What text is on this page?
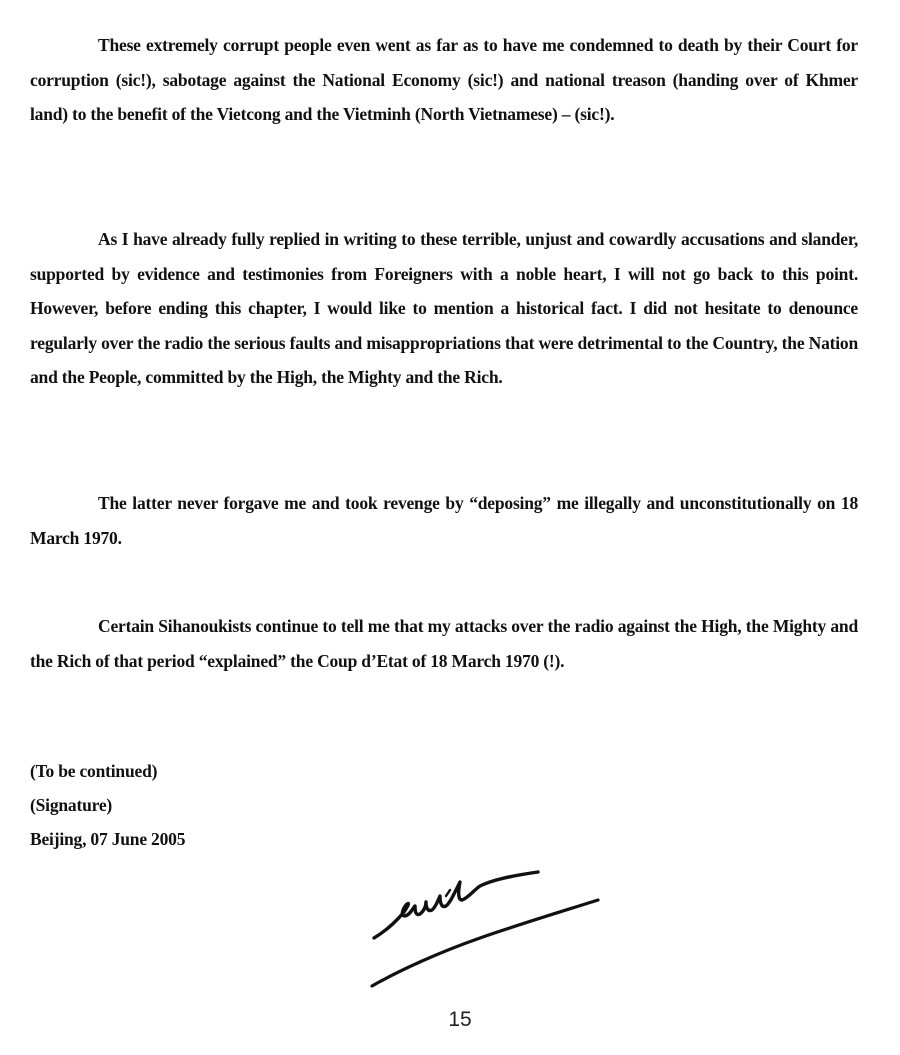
These extremely corrupt people even went as far as to have me condemned to death by their Court for corruption (sic!), sabotage against the National Economy (sic!) and national treason (handing over of Khmer land) to the benefit of the Vietcong and the Vietminh (North Vietnamese) – (sic!).

As I have already fully replied in writing to these terrible, unjust and cowardly accusations and slander, supported by evidence and testimonies from Foreigners with a noble heart, I will not go back to this point. However, before ending this chapter, I would like to mention a historical fact. I did not hesitate to denounce regularly over the radio the serious faults and misappropriations that were detrimental to the Country, the Nation and the People, committed by the High, the Mighty and the Rich.

The latter never forgave me and took revenge by “deposing” me illegally and unconstitutionally on 18 March 1970.

Certain Sihanoukists continue to tell me that my attacks over the radio against the High, the Mighty and the Rich of that period “explained” the Coup d’Etat of 18 March 1970 (!).

(To be continued)
(Signature)
Beijing, 07 June 2005
15
